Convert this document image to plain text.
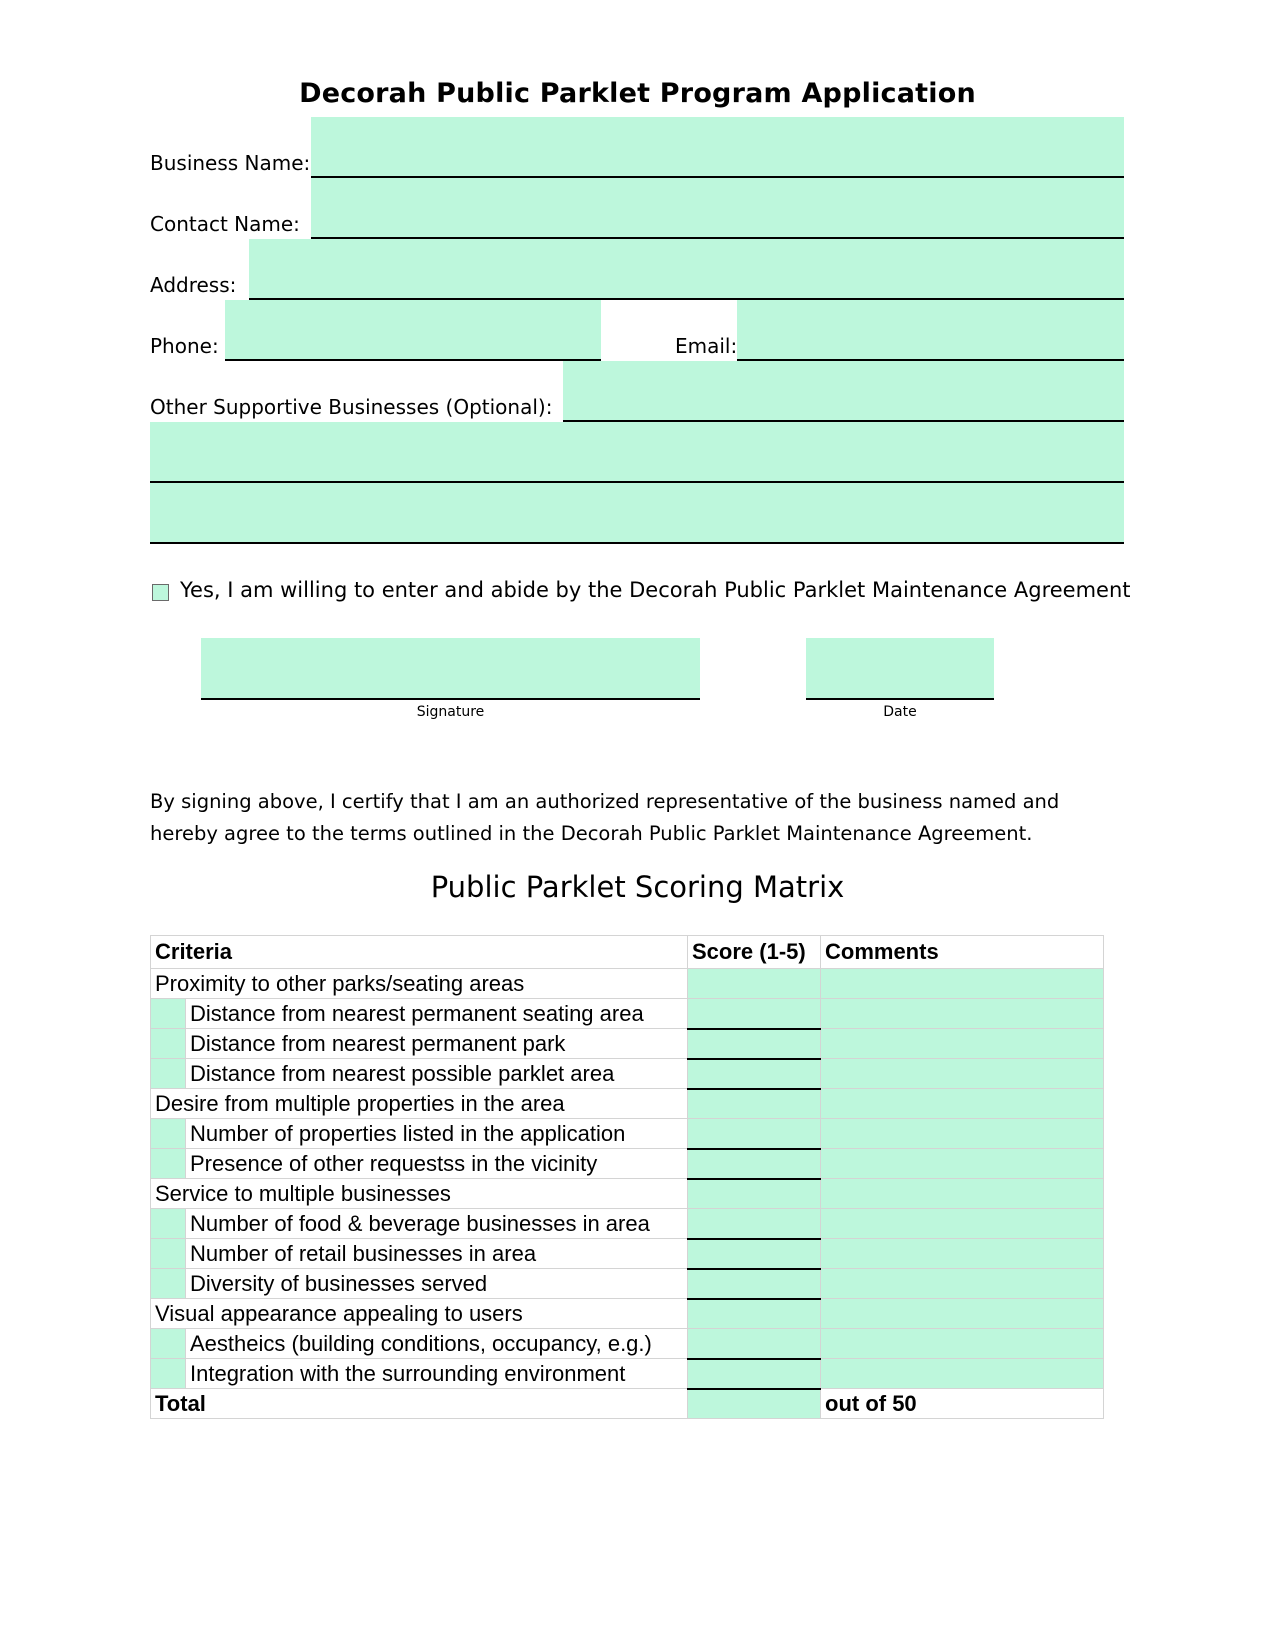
Decorah Public Parklet Program Application
Business Name:
Contact Name:
Address:
Phone:	Email:
Other Supportive Businesses (Optional):
Yes, I am willing to enter and abide by the Decorah Public Parklet Maintenance Agreement
Signature	Date
By signing above, I certify that I am an authorized representative of the business named and hereby agree to the terms outlined in the Decorah Public Parklet Maintenance Agreement.
Public Parklet Scoring Matrix
Criteria	Score (1-5)	Comments
Proximity to other parks/seating areas		

Distance from nearest permanent seating area		

Distance from nearest permanent park		

Distance from nearest possible parklet area		

Desire from multiple properties in the area		

Number of properties listed in the application		

Presence of other requestss in the vicinity		

Service to multiple businesses		

Number of food & beverage businesses in area		

Number of retail businesses in area		

Diversity of businesses served		

Visual appearance appealing to users		

Aestheics (building conditions, occupancy, e.g.)		

Integration with the surrounding environment		

Total		out of 50
